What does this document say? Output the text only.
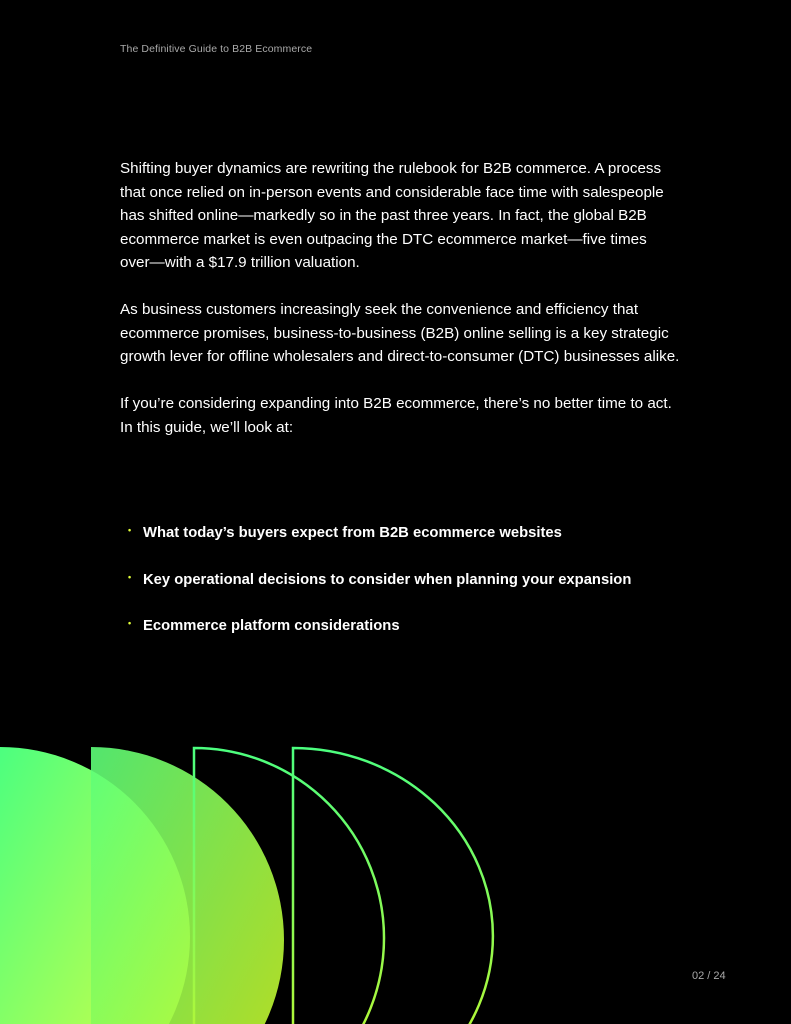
The Definitive Guide to B2B Ecommerce

Shifting buyer dynamics are rewriting the rulebook for B2B commerce. A process that once relied on in-person events and considerable face time with salespeople has shifted online—markedly so in the past three years. In fact, the global B2B ecommerce market is even outpacing the DTC ecommerce market—five times over—with a $17.9 trillion valuation.

As business customers increasingly seek the convenience and efficiency that ecommerce promises, business-to-business (B2B) online selling is a key strategic growth lever for offline wholesalers and direct-to-consumer (DTC) businesses alike.

If you’re considering expanding into B2B ecommerce, there’s no better time to act. In this guide, we’ll look at:

• What today’s buyers expect from B2B ecommerce websites
• Key operational decisions to consider when planning your expansion
• Ecommerce platform considerations
02 / 24
